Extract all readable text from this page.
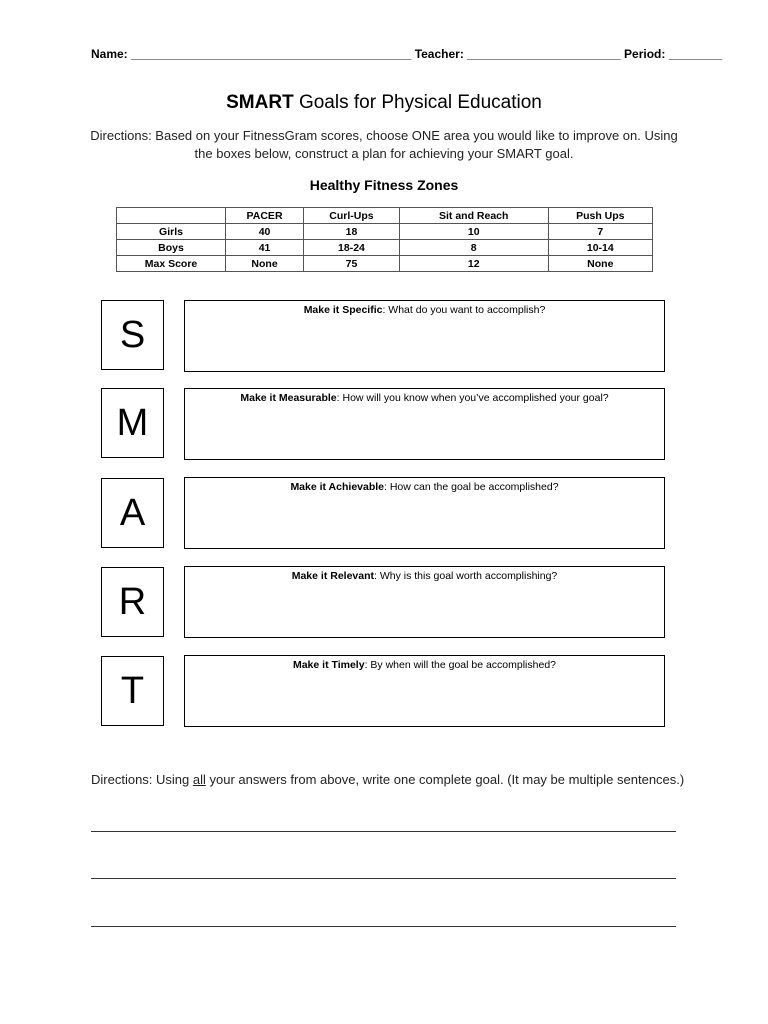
Name: __________________________________________ Teacher: _______________________ Period: ________
SMART Goals for Physical Education
Directions: Based on your FitnessGram scores, choose ONE area you would like to improve on. Using the boxes below, construct a plan for achieving your SMART goal.
Healthy Fitness Zones
	PACER	Curl-Ups	Sit and Reach	Push Ups
Girls	40	18	10	7
Boys	41	18-24	8	10-14
Max Score	None	75	12	None
S
Make it Specific: What do you want to accomplish?
M
Make it Measurable: How will you know when you’ve accomplished your goal?
A
Make it Achievable: How can the goal be accomplished?
R
Make it Relevant: Why is this goal worth accomplishing?
T
Make it Timely: By when will the goal be accomplished?
Directions: Using all your answers from above, write one complete goal. (It may be multiple sentences.)
